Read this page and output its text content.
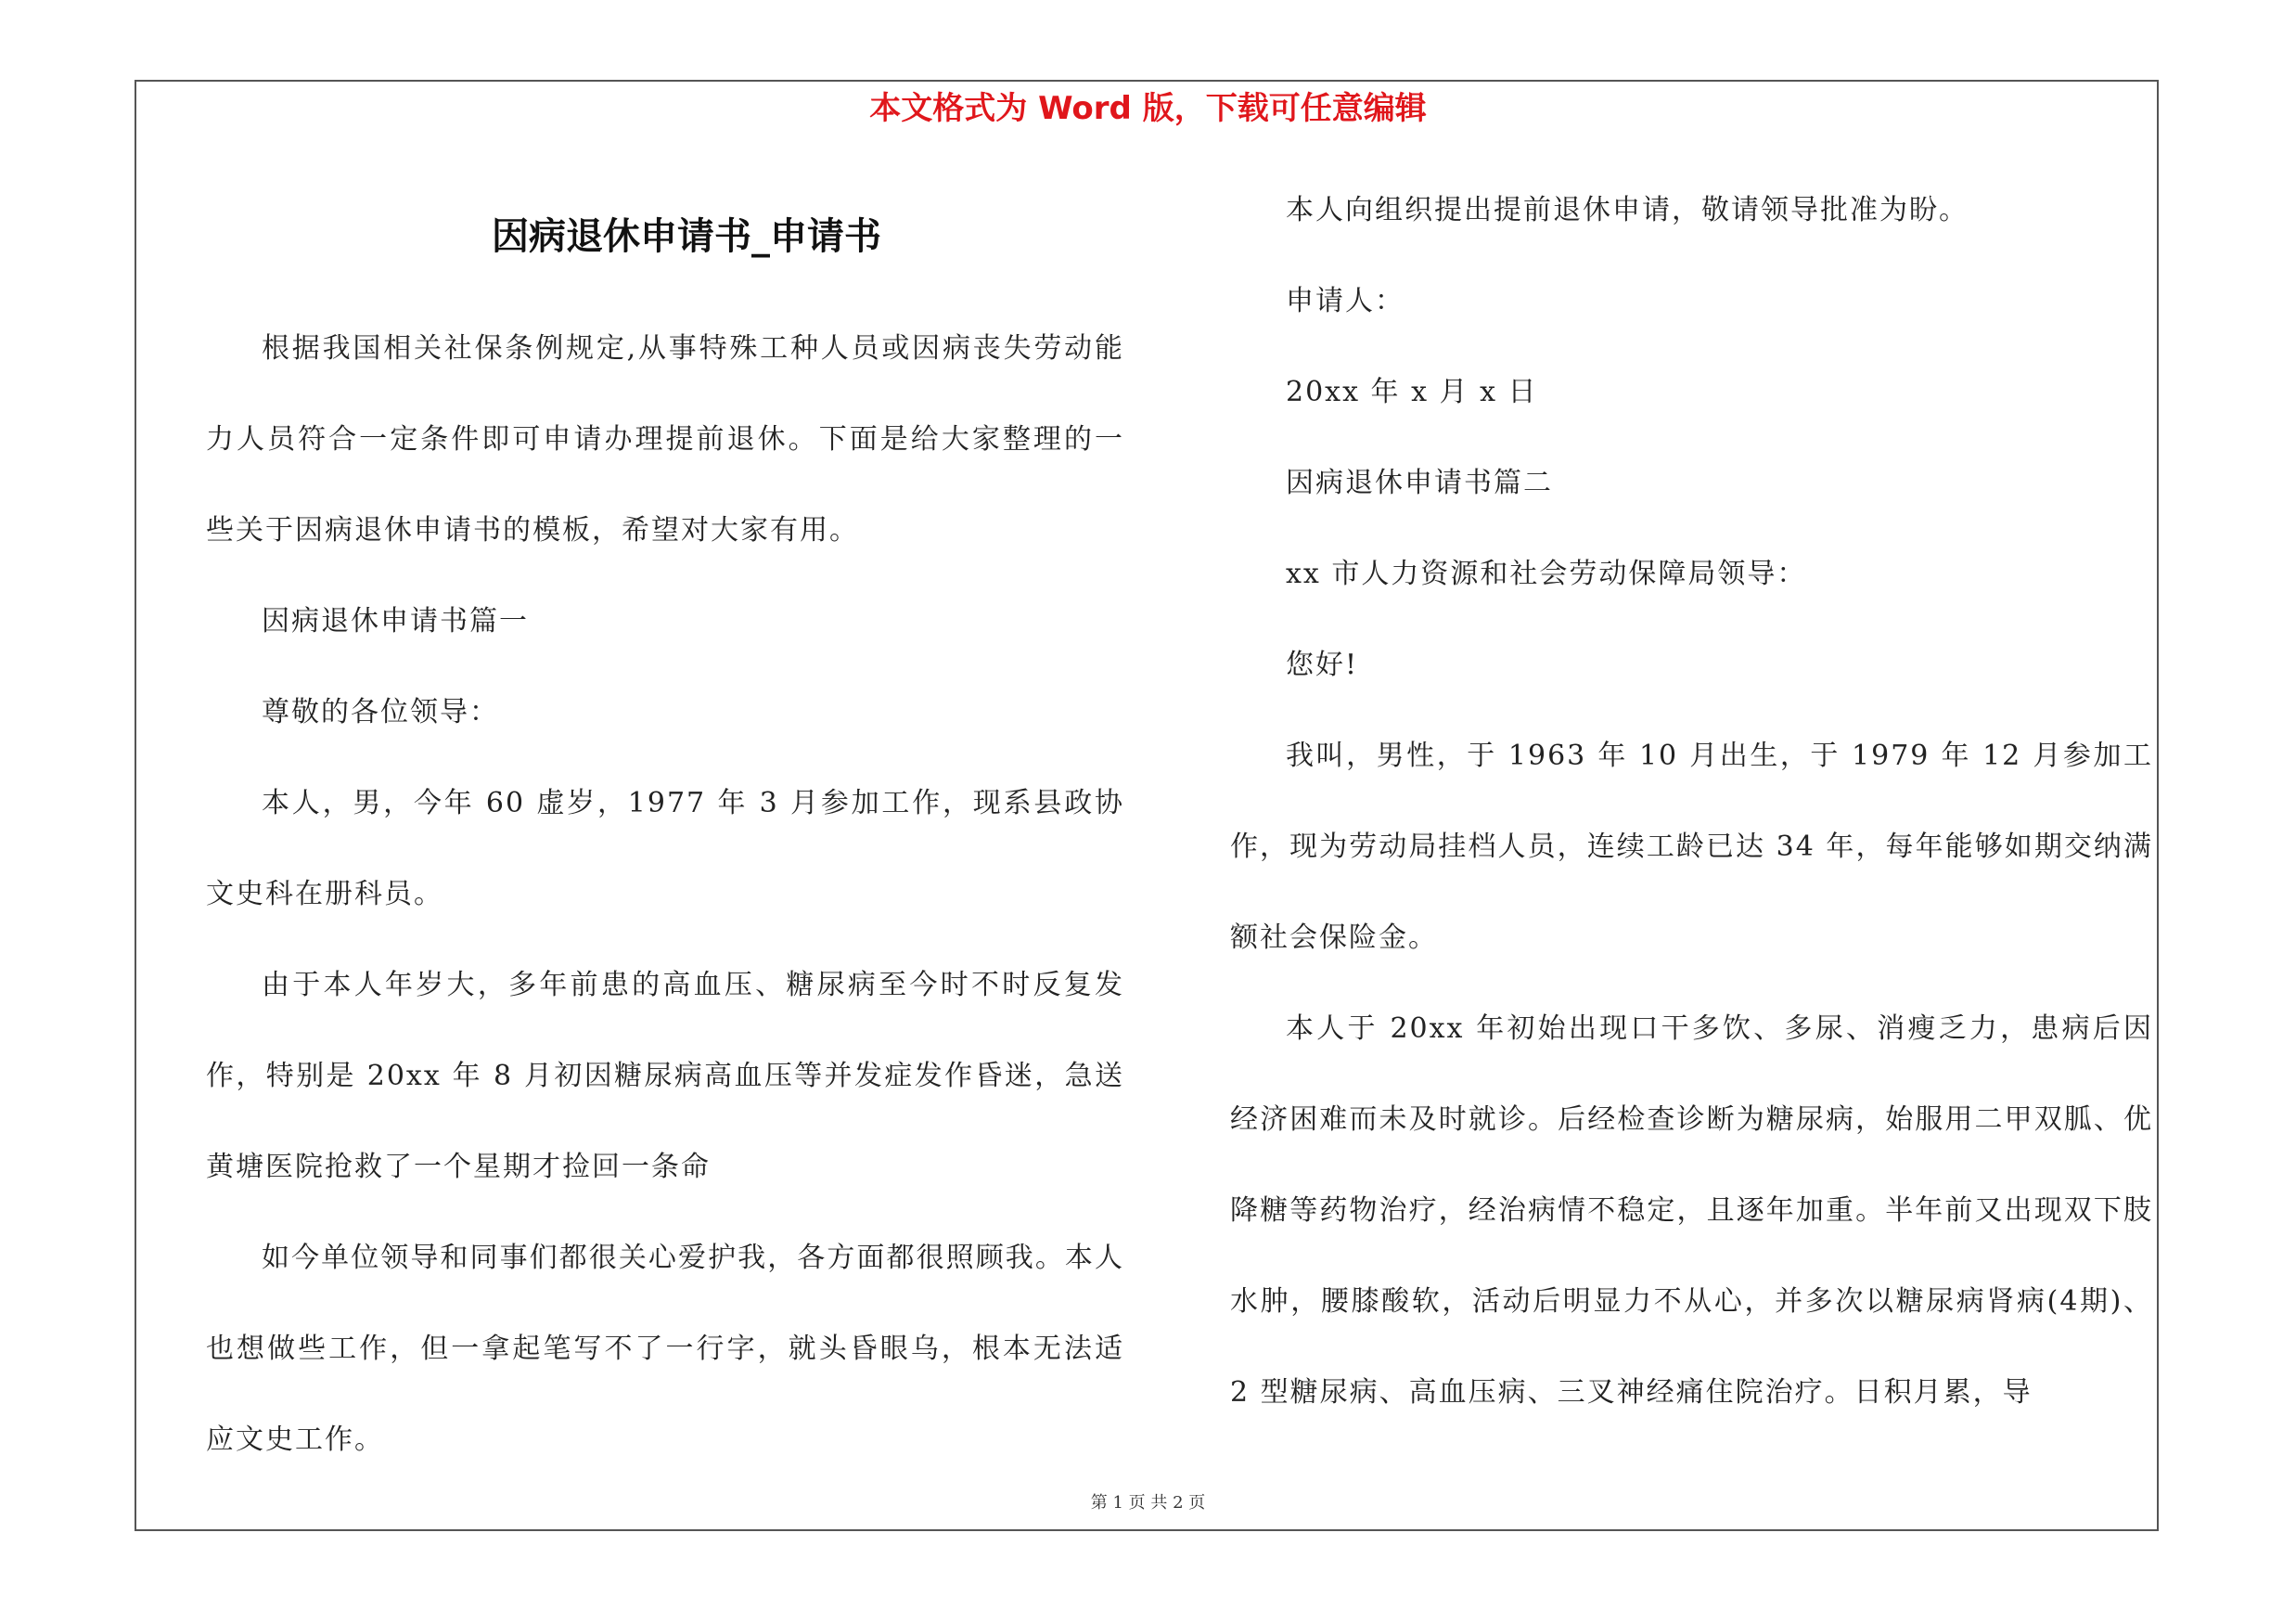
本文格式为 Word 版，下载可任意编辑
因病退休申请书_申请书

根据我国相关社保条例规定,从事特殊工种人员或因病丧失劳动能力人员符合一定条件即可申请办理提前退休。下面是给大家整理的一些关于因病退休申请书的模板，希望对大家有用。

因病退休申请书篇一

尊敬的各位领导：

本人，男，今年 60 虚岁，1977 年 3 月参加工作，现系县政协文史科在册科员。

由于本人年岁大，多年前患的高血压、糖尿病至今时不时反复发作，特别是 20xx 年 8 月初因糖尿病高血压等并发症发作昏迷，急送黄塘医院抢救了一个星期才捡回一条命

如今单位领导和同事们都很关心爱护我，各方面都很照顾我。本人也想做些工作，但一拿起笔写不了一行字，就头昏眼乌，根本无法适应文史工作。

本人向组织提出提前退休申请，敬请领导批准为盼。

申请人：

20xx 年 x 月 x 日

因病退休申请书篇二

xx 市人力资源和社会劳动保障局领导：

您好!

我叫，男性，于 1963 年 10 月出生，于 1979 年 12 月参加工作，现为劳动局挂档人员，连续工龄已达 34 年，每年能够如期交纳满额社会保险金。

本人于 20xx 年初始出现口干多饮、多尿、消瘦乏力，患病后因经济困难而未及时就诊。后经检查诊断为糖尿病，始服用二甲双胍、优降糖等药物治疗，经治病情不稳定，且逐年加重。半年前又出现双下肢水肿，腰膝酸软，活动后明显力不从心，并多次以糖尿病肾病(4期)、2 型糖尿病、高血压病、三叉神经痛住院治疗。日积月累，导

第 1 页 共 2 页
